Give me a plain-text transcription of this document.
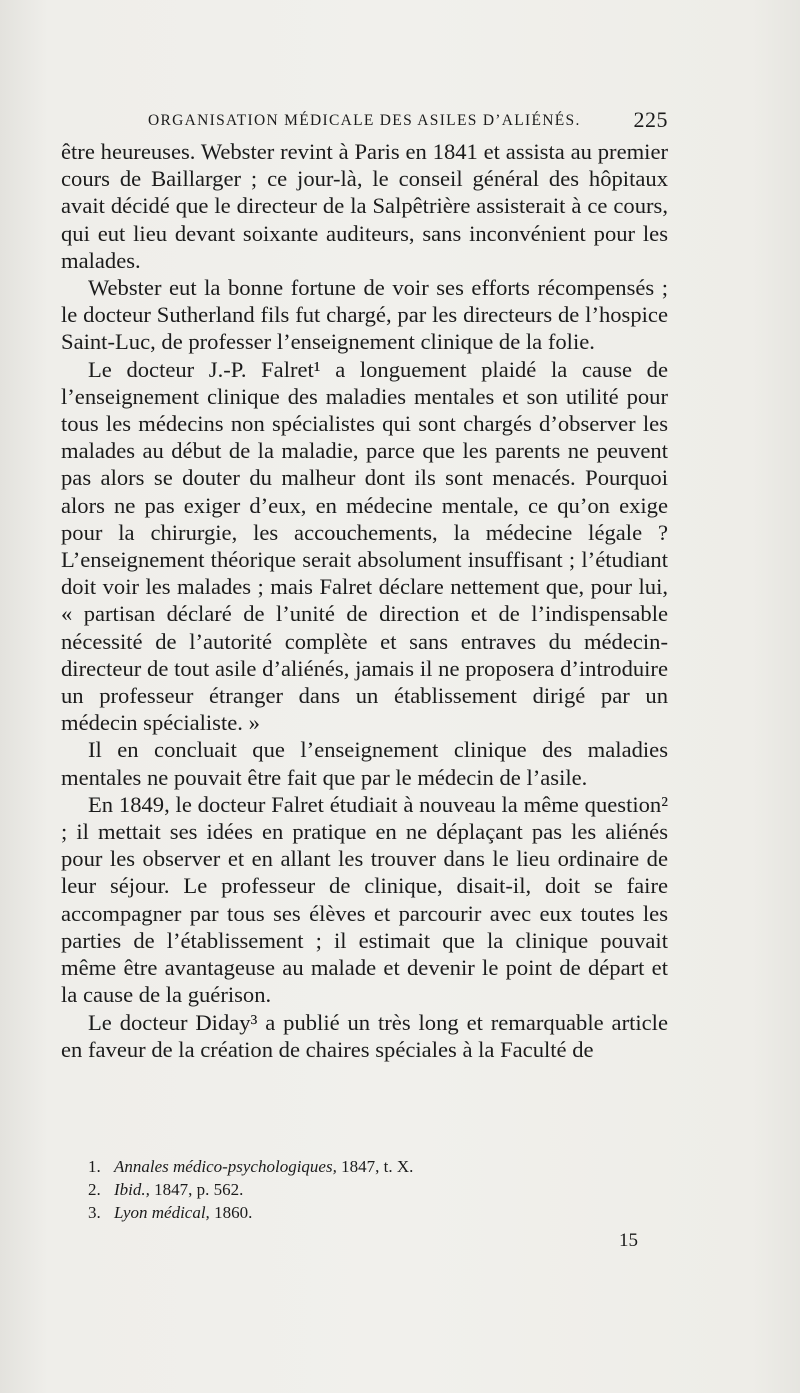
ORGANISATION MÉDICALE DES ASILES D’ALIÉNÉS. 225

être heureuses. Webster revint à Paris en 1841 et assista au premier cours de Baillarger ; ce jour-là, le conseil général des hôpitaux avait décidé que le directeur de la Salpêtrière assisterait à ce cours, qui eut lieu devant soixante auditeurs, sans inconvénient pour les malades.

Webster eut la bonne fortune de voir ses efforts récompensés ; le docteur Sutherland fils fut chargé, par les directeurs de l’hospice Saint-Luc, de professer l’enseignement clinique de la folie.

Le docteur J.-P. Falret¹ a longuement plaidé la cause de l’enseignement clinique des maladies mentales et son utilité pour tous les médecins non spécialistes qui sont chargés d’observer les malades au début de la maladie, parce que les parents ne peuvent pas alors se douter du malheur dont ils sont menacés. Pourquoi alors ne pas exiger d’eux, en médecine mentale, ce qu’on exige pour la chirurgie, les accouchements, la médecine légale ? L’enseignement théorique serait absolument insuffisant ; l’étudiant doit voir les malades ; mais Falret déclare nettement que, pour lui, « partisan déclaré de l’unité de direction et de l’indispensable nécessité de l’autorité complète et sans entraves du médecin-directeur de tout asile d’aliénés, jamais il ne proposera d’introduire un professeur étranger dans un établissement dirigé par un médecin spécialiste. »

Il en concluait que l’enseignement clinique des maladies mentales ne pouvait être fait que par le médecin de l’asile.

En 1849, le docteur Falret étudiait à nouveau la même question² ; il mettait ses idées en pratique en ne déplaçant pas les aliénés pour les observer et en allant les trouver dans le lieu ordinaire de leur séjour. Le professeur de clinique, disait-il, doit se faire accompagner par tous ses élèves et parcourir avec eux toutes les parties de l’établissement ; il estimait que la clinique pouvait même être avantageuse au malade et devenir le point de départ et la cause de la guérison.

Le docteur Diday³ a publié un très long et remarquable article en faveur de la création de chaires spéciales à la Faculté de

1. Annales médico-psychologiques, 1847, t. X.
2. Ibid., 1847, p. 562.
3. Lyon médical, 1860.
15
